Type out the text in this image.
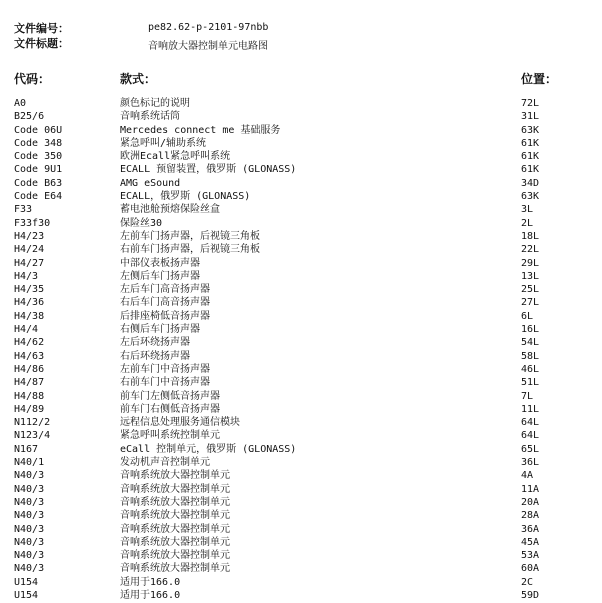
文件编号：	pe82.62-p-2101-97nbb
文件标题：	音响放大器控制单元电路图
代码：	款式：	位置：
A0	颜色标记的说明	72L
B25/6	音响系统话筒	31L
Code 06U	Mercedes connect me 基础服务	63K
Code 348	紧急呼叫/辅助系统	61K
Code 350	欧洲Ecall紧急呼叫系统	61K
Code 9U1	ECALL 预留装置，俄罗斯 (GLONASS)	61K
Code B63	AMG eSound	34D
Code E64	ECALL，俄罗斯 (GLONASS)	63K
F33	蓄电池舱预熔保险丝盒	3L
F33f30	保险丝30	2L
H4/23	左前车门扬声器，后视镜三角板	18L
H4/24	右前车门扬声器，后视镜三角板	22L
H4/27	中部仪表板扬声器	29L
H4/3	左侧后车门扬声器	13L
H4/35	左后车门高音扬声器	25L
H4/36	右后车门高音扬声器	27L
H4/38	后排座椅低音扬声器	6L
H4/4	右侧后车门扬声器	16L
H4/62	左后环绕扬声器	54L
H4/63	右后环绕扬声器	58L
H4/86	左前车门中音扬声器	46L
H4/87	右前车门中音扬声器	51L
H4/88	前车门左侧低音扬声器	7L
H4/89	前车门右侧低音扬声器	11L
N112/2	远程信息处理服务通信模块	64L
N123/4	紧急呼叫系统控制单元	64L
N167	eCall 控制单元，俄罗斯 (GLONASS)	65L
N40/1	发动机声音控制单元	36L
N40/3	音响系统放大器控制单元	4A
N40/3	音响系统放大器控制单元	11A
N40/3	音响系统放大器控制单元	20A
N40/3	音响系统放大器控制单元	28A
N40/3	音响系统放大器控制单元	36A
N40/3	音响系统放大器控制单元	45A
N40/3	音响系统放大器控制单元	53A
N40/3	音响系统放大器控制单元	60A
U154	适用于166.0	2C
U154	适用于166.0	59D
